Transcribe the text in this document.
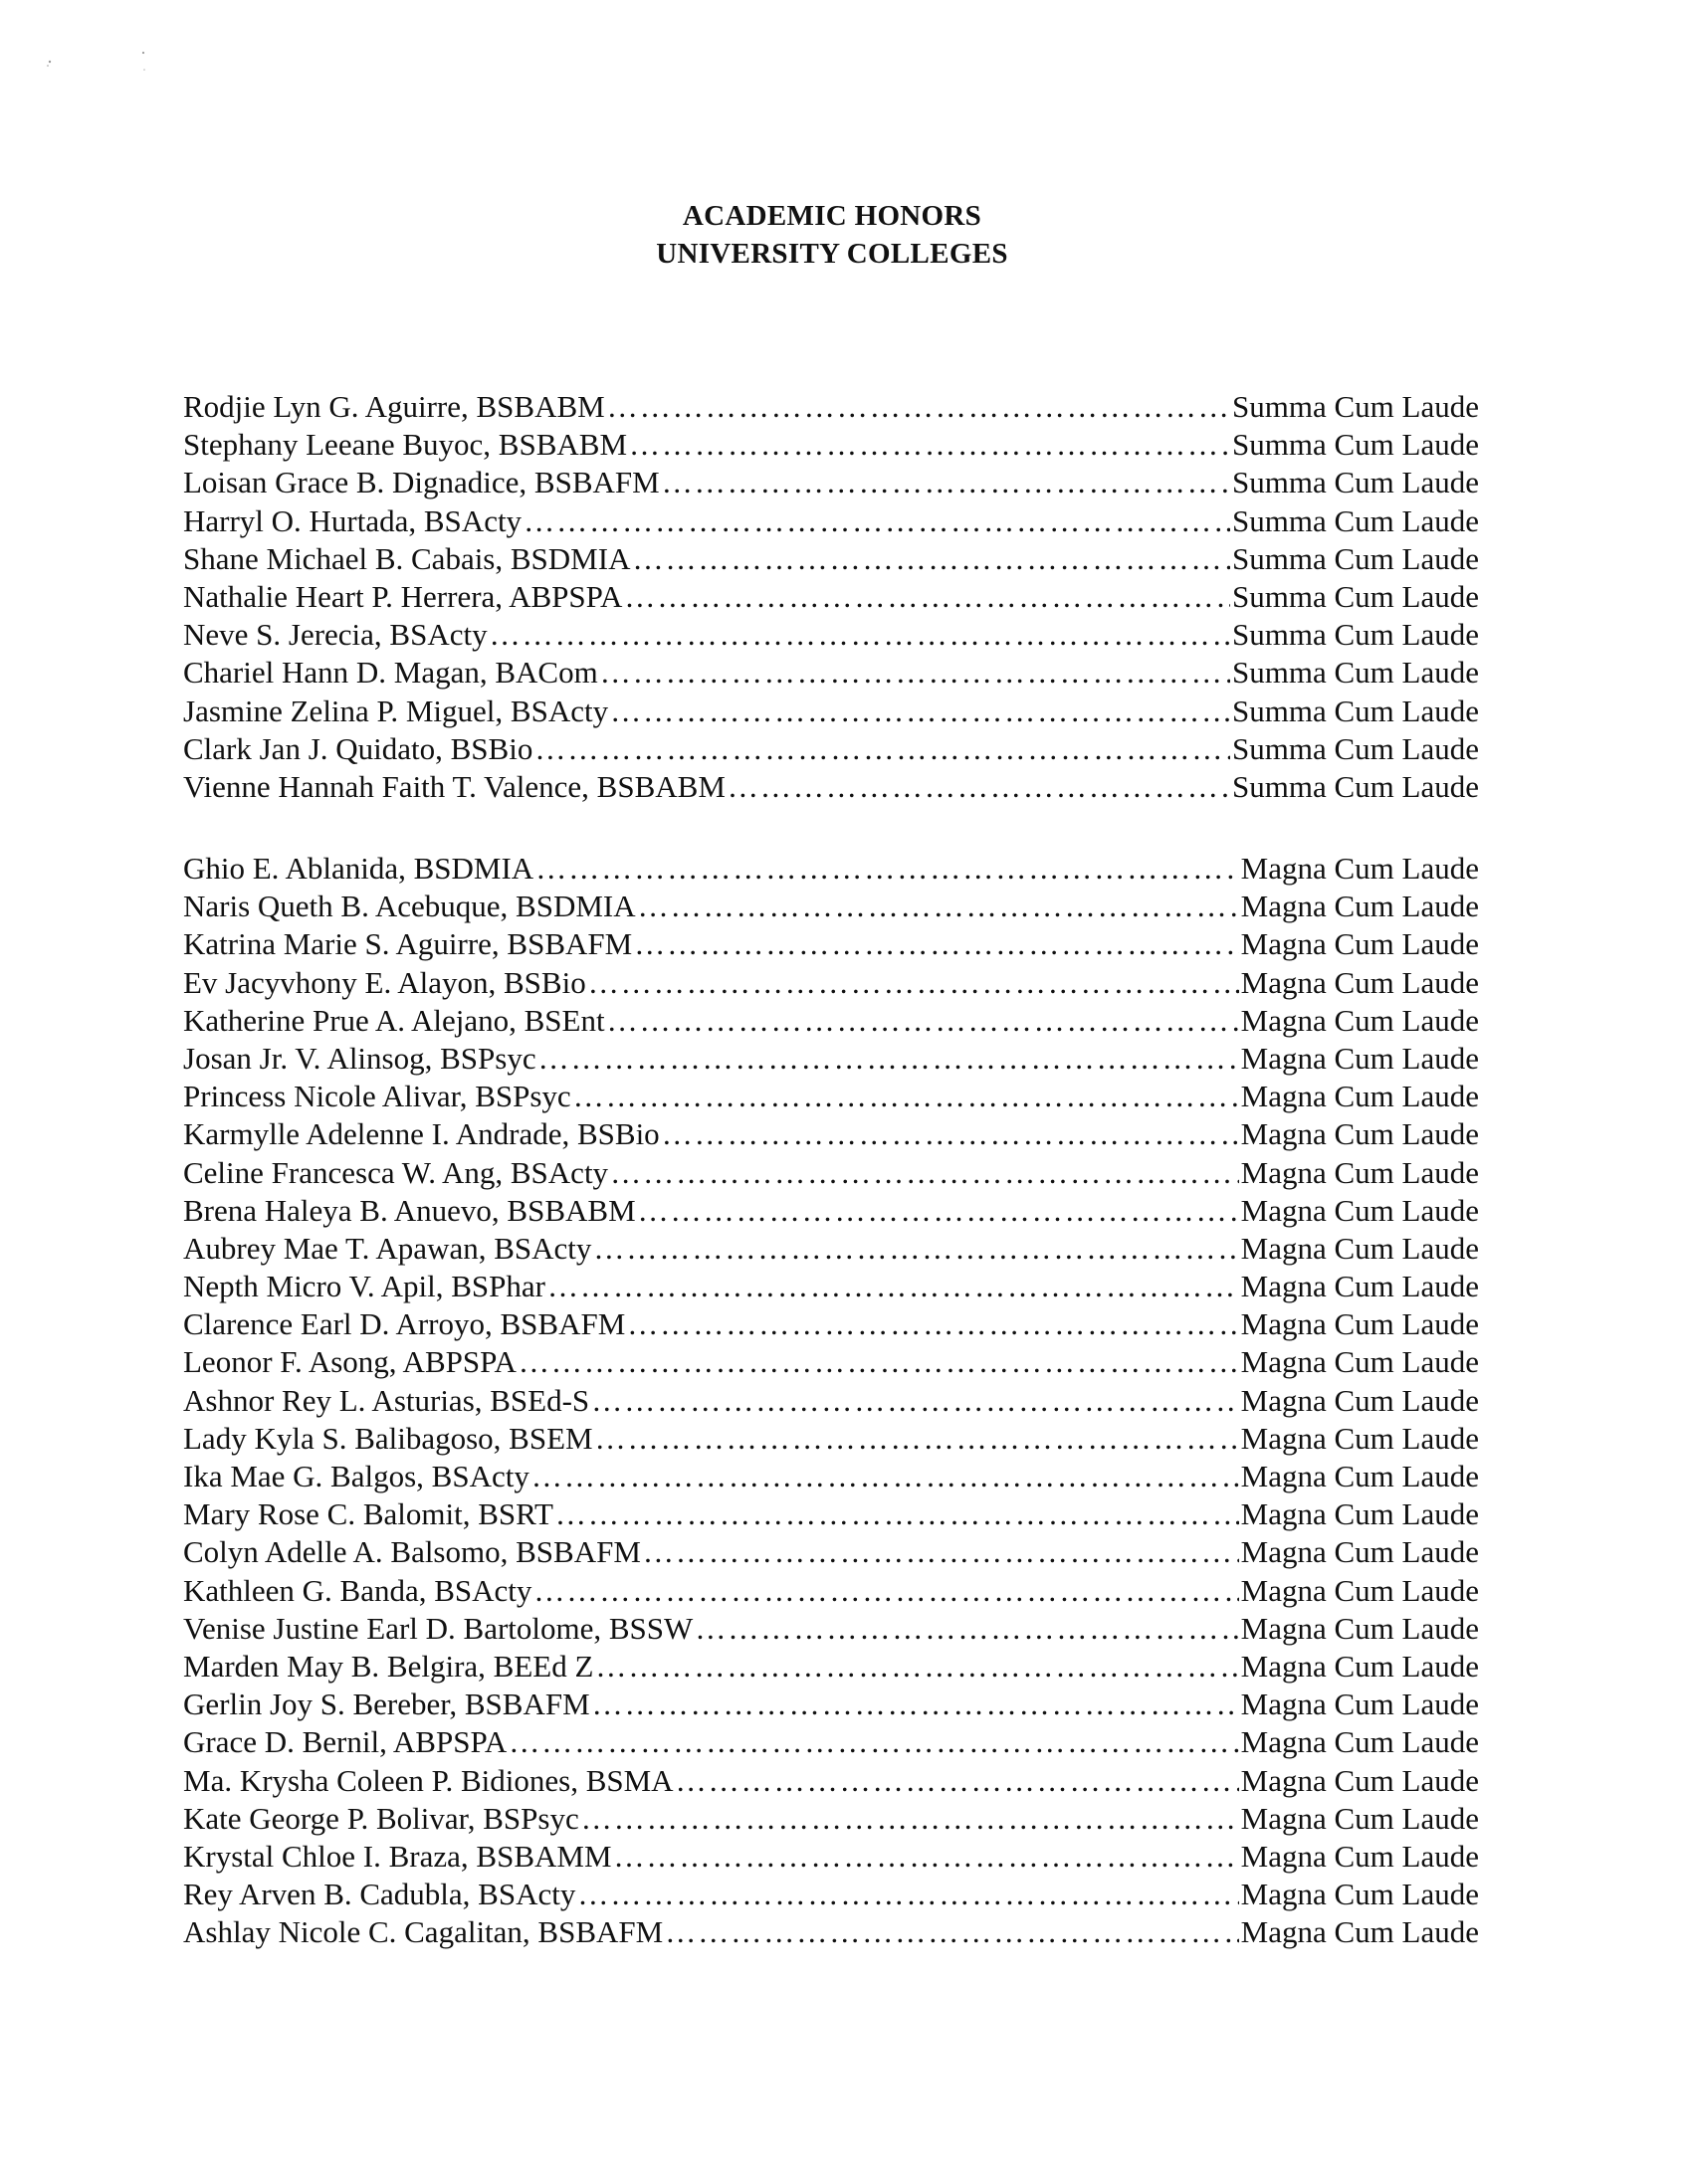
ACADEMIC HONORS
UNIVERSITY COLLEGES
Rodjie Lyn G. Aguirre, BSBABM …………………………………………………………………………………………………………………………………………	Summa Cum Laude
Stephany Leeane Buyoc, BSBABM …………………………………………………………………………………………………………………………………………	Summa Cum Laude
Loisan Grace B. Dignadice, BSBAFM …………………………………………………………………………………………………………………………………………	Summa Cum Laude
Harryl O. Hurtada, BSActy …………………………………………………………………………………………………………………………………………	Summa Cum Laude
Shane Michael B. Cabais, BSDMIA …………………………………………………………………………………………………………………………………………	Summa Cum Laude
Nathalie Heart P. Herrera, ABPSPA …………………………………………………………………………………………………………………………………………	Summa Cum Laude
Neve S. Jerecia, BSActy …………………………………………………………………………………………………………………………………………	Summa Cum Laude
Chariel Hann D. Magan, BACom …………………………………………………………………………………………………………………………………………	Summa Cum Laude
Jasmine Zelina P. Miguel, BSActy …………………………………………………………………………………………………………………………………………	Summa Cum Laude
Clark Jan J. Quidato, BSBio …………………………………………………………………………………………………………………………………………	Summa Cum Laude
Vienne Hannah Faith T. Valence, BSBABM …………………………………………………………………………………………………………………………………………	Summa Cum Laude
Ghio E. Ablanida, BSDMIA …………………………………………………………………………………………………………………………………………	Magna Cum Laude
Naris Queth B. Acebuque, BSDMIA …………………………………………………………………………………………………………………………………………	Magna Cum Laude
Katrina Marie S. Aguirre, BSBAFM …………………………………………………………………………………………………………………………………………	Magna Cum Laude
Ev Jacyvhony E. Alayon, BSBio …………………………………………………………………………………………………………………………………………	Magna Cum Laude
Katherine Prue A. Alejano, BSEnt …………………………………………………………………………………………………………………………………………	Magna Cum Laude
Josan Jr. V. Alinsog, BSPsyc …………………………………………………………………………………………………………………………………………	Magna Cum Laude
Princess Nicole Alivar, BSPsyc …………………………………………………………………………………………………………………………………………	Magna Cum Laude
Karmylle Adelenne I. Andrade, BSBio …………………………………………………………………………………………………………………………………………	Magna Cum Laude
Celine Francesca W. Ang, BSActy …………………………………………………………………………………………………………………………………………	Magna Cum Laude
Brena Haleya B. Anuevo, BSBABM …………………………………………………………………………………………………………………………………………	Magna Cum Laude
Aubrey Mae T. Apawan, BSActy …………………………………………………………………………………………………………………………………………	Magna Cum Laude
Nepth Micro V. Apil, BSPhar …………………………………………………………………………………………………………………………………………	Magna Cum Laude
Clarence Earl D. Arroyo, BSBAFM …………………………………………………………………………………………………………………………………………	Magna Cum Laude
Leonor F. Asong, ABPSPA …………………………………………………………………………………………………………………………………………	Magna Cum Laude
Ashnor Rey L. Asturias, BSEd-S …………………………………………………………………………………………………………………………………………	Magna Cum Laude
Lady Kyla S. Balibagoso, BSEM …………………………………………………………………………………………………………………………………………	Magna Cum Laude
Ika Mae G. Balgos, BSActy …………………………………………………………………………………………………………………………………………	Magna Cum Laude
Mary Rose C. Balomit, BSRT …………………………………………………………………………………………………………………………………………	Magna Cum Laude
Colyn Adelle A. Balsomo, BSBAFM …………………………………………………………………………………………………………………………………………	Magna Cum Laude
Kathleen G. Banda, BSActy …………………………………………………………………………………………………………………………………………	Magna Cum Laude
Venise Justine Earl D. Bartolome, BSSW …………………………………………………………………………………………………………………………………………	Magna Cum Laude
Marden May B. Belgira, BEEd Z …………………………………………………………………………………………………………………………………………	Magna Cum Laude
Gerlin Joy S. Bereber, BSBAFM …………………………………………………………………………………………………………………………………………	Magna Cum Laude
Grace D. Bernil, ABPSPA …………………………………………………………………………………………………………………………………………	Magna Cum Laude
Ma. Krysha Coleen P. Bidiones, BSMA …………………………………………………………………………………………………………………………………………	Magna Cum Laude
Kate George P. Bolivar, BSPsyc …………………………………………………………………………………………………………………………………………	Magna Cum Laude
Krystal Chloe I. Braza, BSBAMM …………………………………………………………………………………………………………………………………………	Magna Cum Laude
Rey Arven B. Cadubla, BSActy …………………………………………………………………………………………………………………………………………	Magna Cum Laude
Ashlay Nicole C. Cagalitan, BSBAFM …………………………………………………………………………………………………………………………………………	Magna Cum Laude
